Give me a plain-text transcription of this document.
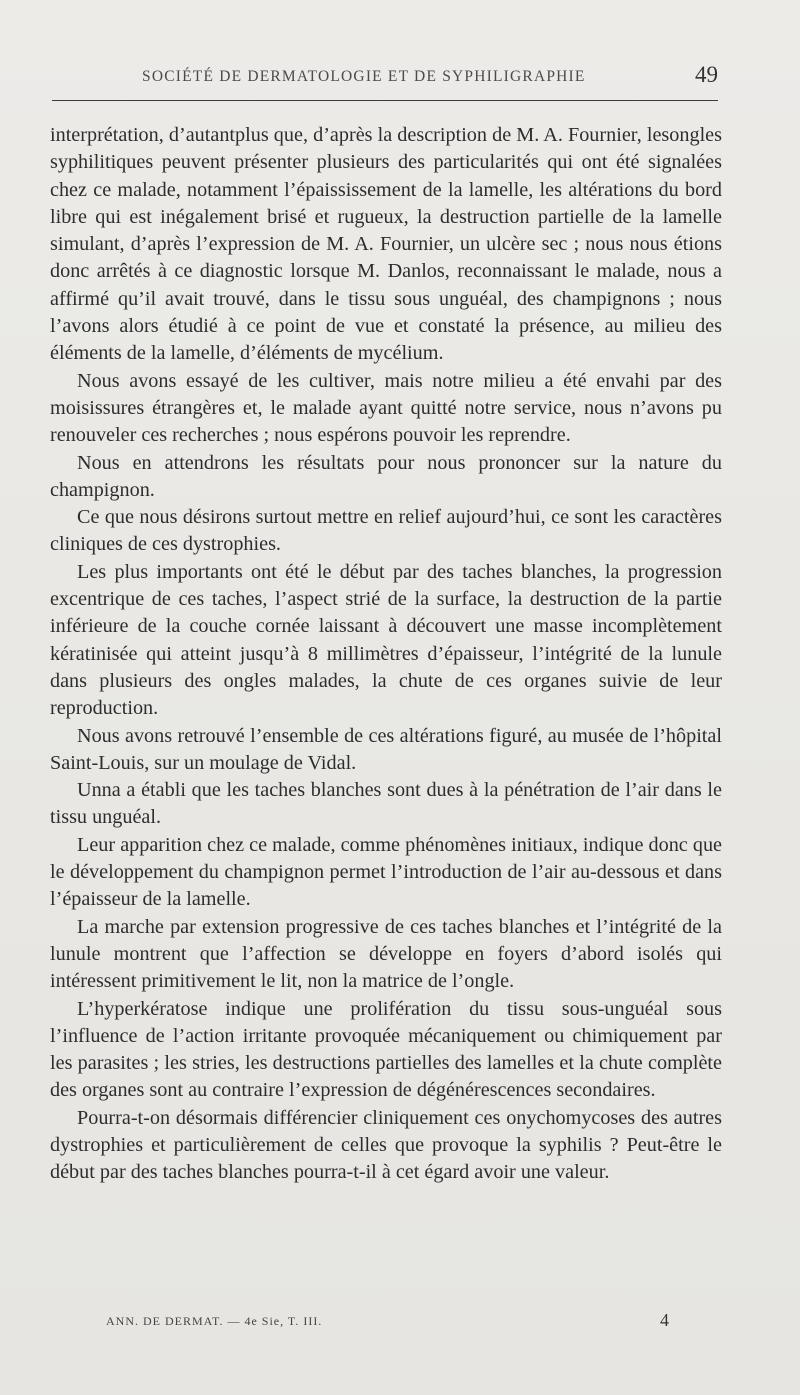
SOCIÉTÉ DE DERMATOLOGIE ET DE SYPHILIGRAPHIE	49

interprétation, d’autantplus que, d’après la description de M. A. Fournier, lesongles syphilitiques peuvent présenter plusieurs des particularités qui ont été signalées chez ce malade, notamment l’épaississement de la lamelle, les altérations du bord libre qui est inégalement brisé et rugueux, la destruction partielle de la lamelle simulant, d’après l’expression de M. A. Fournier, un ulcère sec ; nous nous étions donc arrêtés à ce diagnostic lorsque M. Danlos, reconnaissant le malade, nous a affirmé qu’il avait trouvé, dans le tissu sous unguéal, des champignons ; nous l’avons alors étudié à ce point de vue et constaté la présence, au milieu des éléments de la lamelle, d’éléments de mycélium.

Nous avons essayé de les cultiver, mais notre milieu a été envahi par des moisissures étrangères et, le malade ayant quitté notre service, nous n’avons pu renouveler ces recherches ; nous espérons pouvoir les reprendre.

Nous en attendrons les résultats pour nous prononcer sur la nature du champignon.

Ce que nous désirons surtout mettre en relief aujourd’hui, ce sont les caractères cliniques de ces dystrophies.

Les plus importants ont été le début par des taches blanches, la progression excentrique de ces taches, l’aspect strié de la surface, la destruction de la partie inférieure de la couche cornée laissant à découvert une masse incomplètement kératinisée qui atteint jusqu’à 8 millimètres d’épaisseur, l’intégrité de la lunule dans plusieurs des ongles malades, la chute de ces organes suivie de leur reproduction.

Nous avons retrouvé l’ensemble de ces altérations figuré, au musée de l’hôpital Saint-Louis, sur un moulage de Vidal.

Unna a établi que les taches blanches sont dues à la pénétration de l’air dans le tissu unguéal.

Leur apparition chez ce malade, comme phénomènes initiaux, indique donc que le développement du champignon permet l’introduction de l’air au-dessous et dans l’épaisseur de la lamelle.

La marche par extension progressive de ces taches blanches et l’intégrité de la lunule montrent que l’affection se développe en foyers d’abord isolés qui intéressent primitivement le lit, non la matrice de l’ongle.

L’hyperkératose indique une prolifération du tissu sous-unguéal sous l’influence de l’action irritante provoquée mécaniquement ou chimiquement par les parasites ; les stries, les destructions partielles des lamelles et la chute complète des organes sont au contraire l’expression de dégénérescences secondaires.

Pourra-t-on désormais différencier cliniquement ces onychomycoses des autres dystrophies et particulièrement de celles que provoque la syphilis ? Peut-être le début par des taches blanches pourra-t-il à cet égard avoir une valeur.

ANN. DE DERMAT. — 4e Sie, T. III.	4
